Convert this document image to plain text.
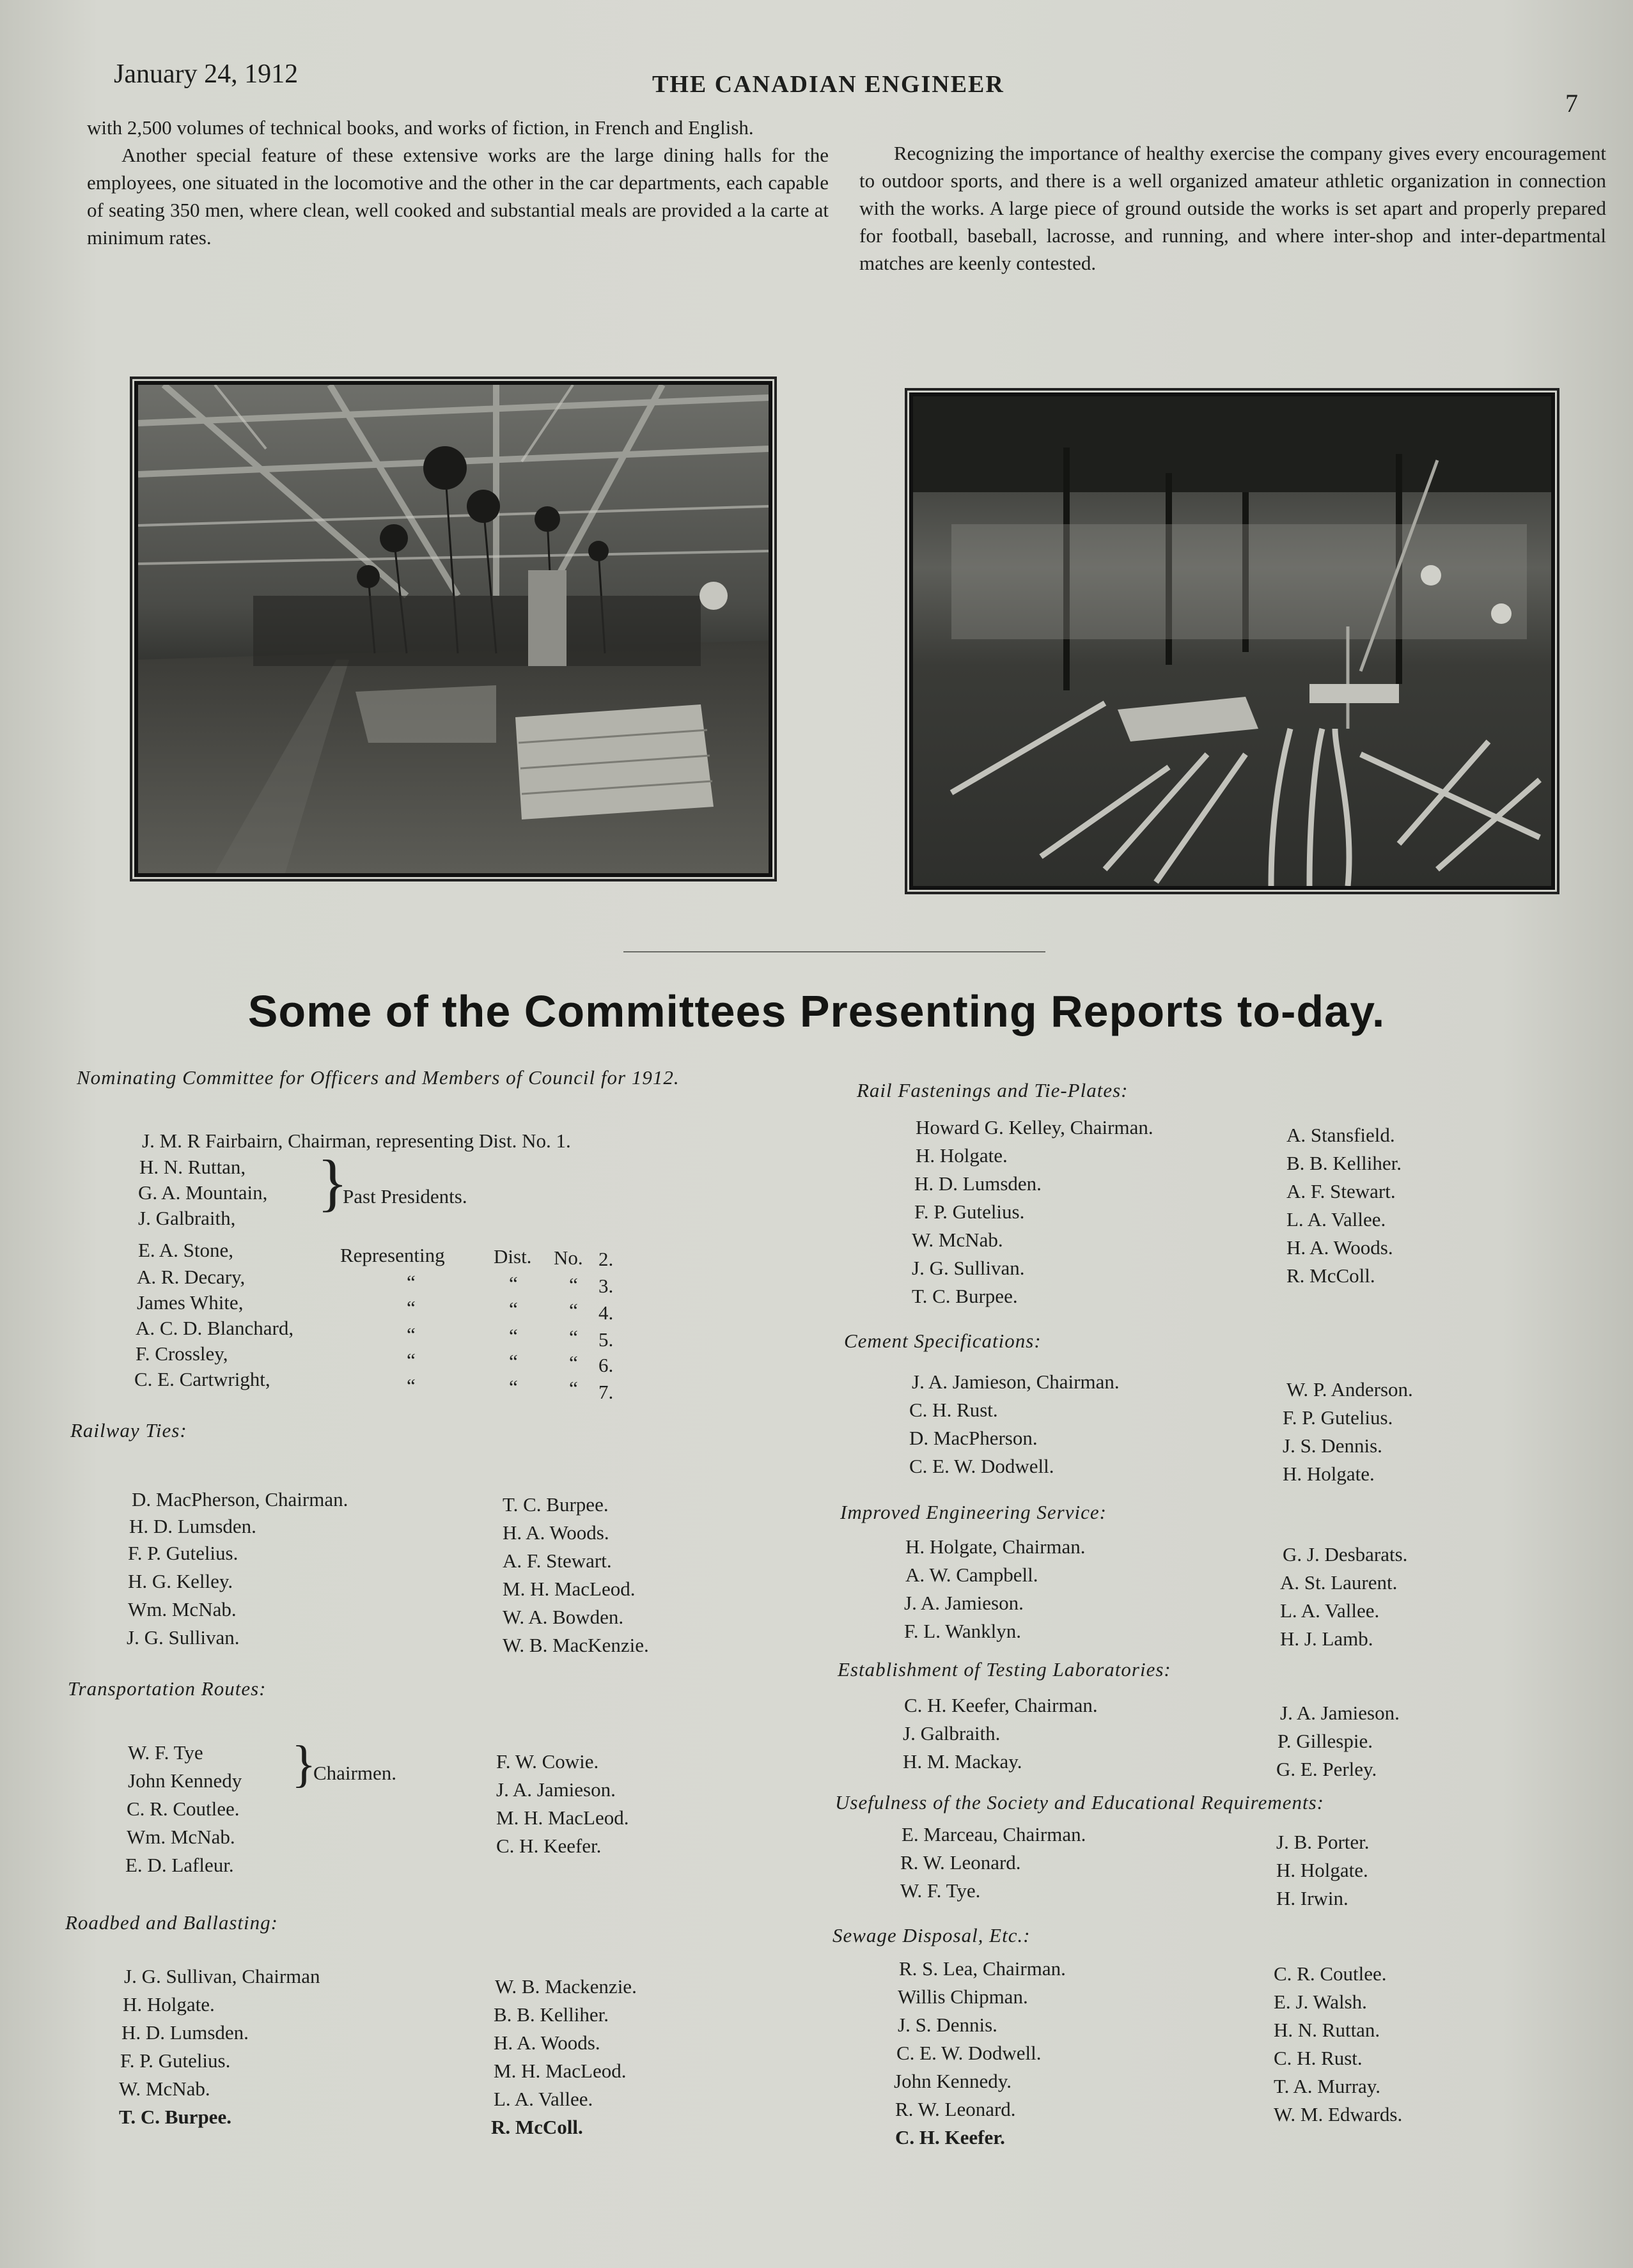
January 24, 1912	THE CANADIAN ENGINEER
7

with 2,500 volumes of technical books, and works of fiction, in French and English.

Another special feature of these extensive works are the large dining halls for the employees, one situated in the locomotive and the other in the car departments, each capable of seating 350 men, where clean, well cooked and substantial meals are provided a la carte at minimum rates.

Recognizing the importance of healthy exercise the company gives every encouragement to outdoor sports, and there is a well organized amateur athletic organization in connection with the works. A large piece of ground outside the works is set apart and properly prepared for football, baseball, lacrosse, and running, and where inter-shop and inter-departmental matches are keenly contested.

Some of the Committees Presenting Reports to-day.
Nominating Committee for Officers and Members of Council for 1912.
J. M. R Fairbairn, Chairman, representing Dist. No. 1.
H. N. Ruttan,
G. A. Mountain,
J. Galbraith,
}
Past Presidents.
E. A. Stone,	Representing Dist. No. 2.
A. R. Decary,	“	“	“ 3.
James White,	“	“	“ 4.
A. C. D. Blanchard,	“	“	“ 5.
F. Crossley,	“	“	“ 6.
C. E. Cartwright,	“	“	“ 7.
Railway Ties:
D. MacPherson, Chairman.
H. D. Lumsden.
F. P. Gutelius.
H. G. Kelley.
Wm. McNab.
J. G. Sullivan.
T. C. Burpee.
H. A. Woods.
A. F. Stewart.
M. H. MacLeod.
W. A. Bowden.
W. B. MacKenzie.
Transportation Routes:
W. F. Tye
John Kennedy }
Chairmen.
C. R. Coutlee.
Wm. McNab.
E. D. Lafleur.
F. W. Cowie.
J. A. Jamieson.
M. H. MacLeod.
C. H. Keefer.
Roadbed and Ballasting:
J. G. Sullivan, Chairman
H. Holgate.
H. D. Lumsden.
F. P. Gutelius.
W. McNab.
T. C. Burpee.
W. B. Mackenzie.
B. B. Kelliher.
H. A. Woods.
M. H. MacLeod.
L. A. Vallee.
R. McColl.
Rail Fastenings and Tie-Plates:
Howard G. Kelley, Chairman.
H. Holgate.
H. D. Lumsden.
F. P. Gutelius.
W. McNab.
J. G. Sullivan.
T. C. Burpee.
A. Stansfield.
B. B. Kelliher.
A. F. Stewart.
L. A. Vallee.
H. A. Woods.
R. McColl.
Cement Specifications:
J. A. Jamieson, Chairman.
C. H. Rust.
D. MacPherson.
C. E. W. Dodwell.
W. P. Anderson.
F. P. Gutelius.
J. S. Dennis.
H. Holgate.
Improved Engineering Service:
H. Holgate, Chairman.
A. W. Campbell.
J. A. Jamieson.
F. L. Wanklyn.
G. J. Desbarats.
A. St. Laurent.
L. A. Vallee.
H. J. Lamb.
Establishment of Testing Laboratories:
C. H. Keefer, Chairman.
J. Galbraith.
H. M. Mackay.
J. A. Jamieson.
P. Gillespie.
G. E. Perley.
Usefulness of the Society and Educational Requirements:
E. Marceau, Chairman.
R. W. Leonard.
W. F. Tye.
J. B. Porter.
H. Holgate.
H. Irwin.
Sewage Disposal, Etc.:
R. S. Lea, Chairman.
Willis Chipman.
J. S. Dennis.
C. E. W. Dodwell.
John Kennedy.
R. W. Leonard.
C. H. Keefer.
C. R. Coutlee.
E. J. Walsh.
H. N. Ruttan.
C. H. Rust.
T. A. Murray.
W. M. Edwards.
